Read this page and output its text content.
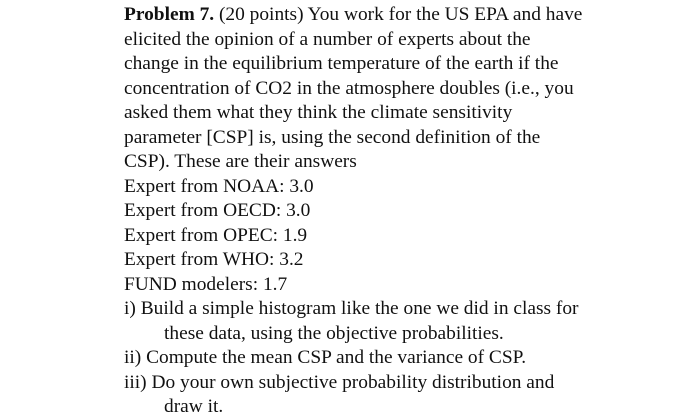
Problem 7. (20 points) You work for the US EPA and have
elicited the opinion of a number of experts about the
change in the equilibrium temperature of the earth if the
concentration of CO2 in the atmosphere doubles (i.e., you
asked them what they think the climate sensitivity
parameter [CSP] is, using the second definition of the
CSP). These are their answers
Expert from NOAA: 3.0
Expert from OECD: 3.0
Expert from OPEC: 1.9
Expert from WHO: 3.2
FUND modelers: 1.7
i) Build a simple histogram like the one we did in class for
these data, using the objective probabilities.
ii) Compute the mean CSP and the variance of CSP.
iii) Do your own subjective probability distribution and
draw it.
